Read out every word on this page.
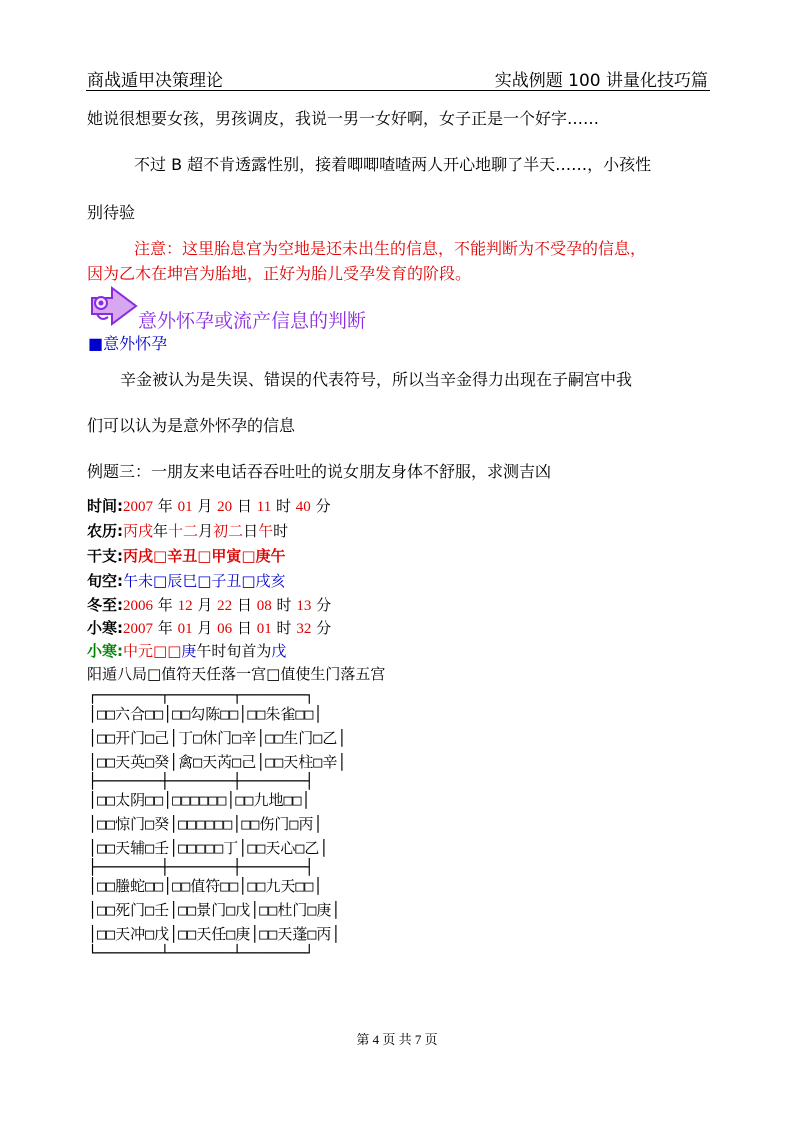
商战遁甲决策理论	实战例题 100 讲量化技巧篇
她说很想要女孩，男孩调皮，我说一男一女好啊，女子正是一个好字……
不过 B 超不肯透露性别，接着唧唧喳喳两人开心地聊了半天……，小孩性
别待验
注意：这里胎息宫为空地是还未出生的信息，不能判断为不受孕的信息，
因为乙木在坤宫为胎地，正好为胎儿受孕发育的阶段。
意外怀孕或流产信息的判断
■意外怀孕
辛金被认为是失误、错误的代表符号，所以当辛金得力出现在子嗣宫中我
们可以认为是意外怀孕的信息
例题三：一朋友来电话吞吞吐吐的说女朋友身体不舒服，求测吉凶
时间:2007 年 01 月 20 日 11 时 40 分
农历:丙戌年十二月初二日午时
干支:丙戌□辛丑□甲寅□庚午
旬空:午未□辰巳□子丑□戌亥
冬至:2006 年 12 月 22 日 08 时 13 分
小寒:2007 年 01 月 06 日 01 时 32 分
小寒:中元□□庚午时旬首为戊
阳遁八局□值符天任落一宫□值使生门落五宫
┌───────┬───────┬───────┐
│□□六合□□│□□勾陈□□│□□朱雀□□│
│□□开门□己│丁□休门□辛│□□生门□乙│
│□□天英□癸│禽□天芮□己│□□天柱□辛│
├───────┼───────┼───────┤
│□□太阴□□│□□□□□□│□□九地□□│
│□□惊门□癸│□□□□□□│□□伤门□丙│
│□□天辅□壬│□□□□□丁│□□天心□乙│
├───────┼───────┼───────┤
│□□螣蛇□□│□□值符□□│□□九天□□│
│□□死门□壬│□□景门□戊│□□杜门□庚│
│□□天冲□戊│□□天任□庚│□□天蓬□丙│
└───────┴───────┴───────┘
第 4 页 共 7 页
